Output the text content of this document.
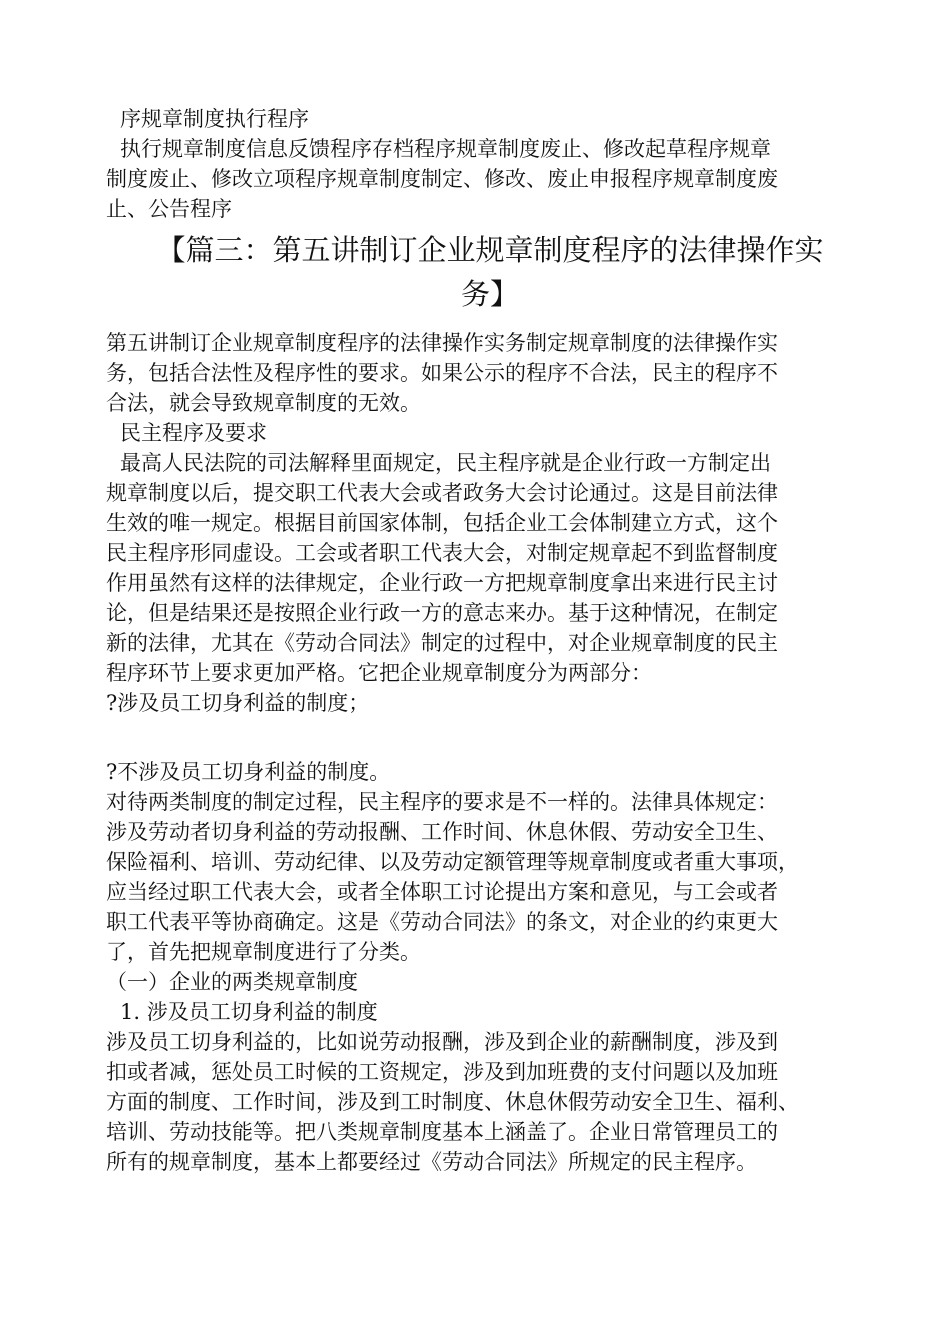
序规章制度执行程序
执行规章制度信息反馈程序存档程序规章制度废止、修改起草程序规章
制度废止、修改立项程序规章制度制定、修改、废止申报程序规章制度废
止、公告程序
【篇三：第五讲制订企业规章制度程序的法律操作实
务】
第五讲制订企业规章制度程序的法律操作实务制定规章制度的法律操作实
务，包括合法性及程序性的要求。如果公示的程序不合法，民主的程序不
合法，就会导致规章制度的无效。
民主程序及要求
最高人民法院的司法解释里面规定，民主程序就是企业行政一方制定出
规章制度以后，提交职工代表大会或者政务大会讨论通过。这是目前法律
生效的唯一规定。根据目前国家体制，包括企业工会体制建立方式，这个
民主程序形同虚设。工会或者职工代表大会，对制定规章起不到监督制度
作用虽然有这样的法律规定，企业行政一方把规章制度拿出来进行民主讨
论，但是结果还是按照企业行政一方的意志来办。基于这种情况，在制定
新的法律，尤其在《劳动合同法》制定的过程中，对企业规章制度的民主
程序环节上要求更加严格。它把企业规章制度分为两部分：
?涉及员工切身利益的制度；
?不涉及员工切身利益的制度。
对待两类制度的制定过程，民主程序的要求是不一样的。法律具体规定：
涉及劳动者切身利益的劳动报酬、工作时间、休息休假、劳动安全卫生、
保险福利、培训、劳动纪律、以及劳动定额管理等规章制度或者重大事项，
应当经过职工代表大会，或者全体职工讨论提出方案和意见，与工会或者
职工代表平等协商确定。这是《劳动合同法》的条文，对企业的约束更大
了，首先把规章制度进行了分类。
（一）企业的两类规章制度
1. 涉及员工切身利益的制度
涉及员工切身利益的，比如说劳动报酬，涉及到企业的薪酬制度，涉及到
扣或者减，惩处员工时候的工资规定，涉及到加班费的支付问题以及加班
方面的制度、工作时间，涉及到工时制度、休息休假劳动安全卫生、福利、
培训、劳动技能等。把八类规章制度基本上涵盖了。企业日常管理员工的
所有的规章制度，基本上都要经过《劳动合同法》所规定的民主程序。
